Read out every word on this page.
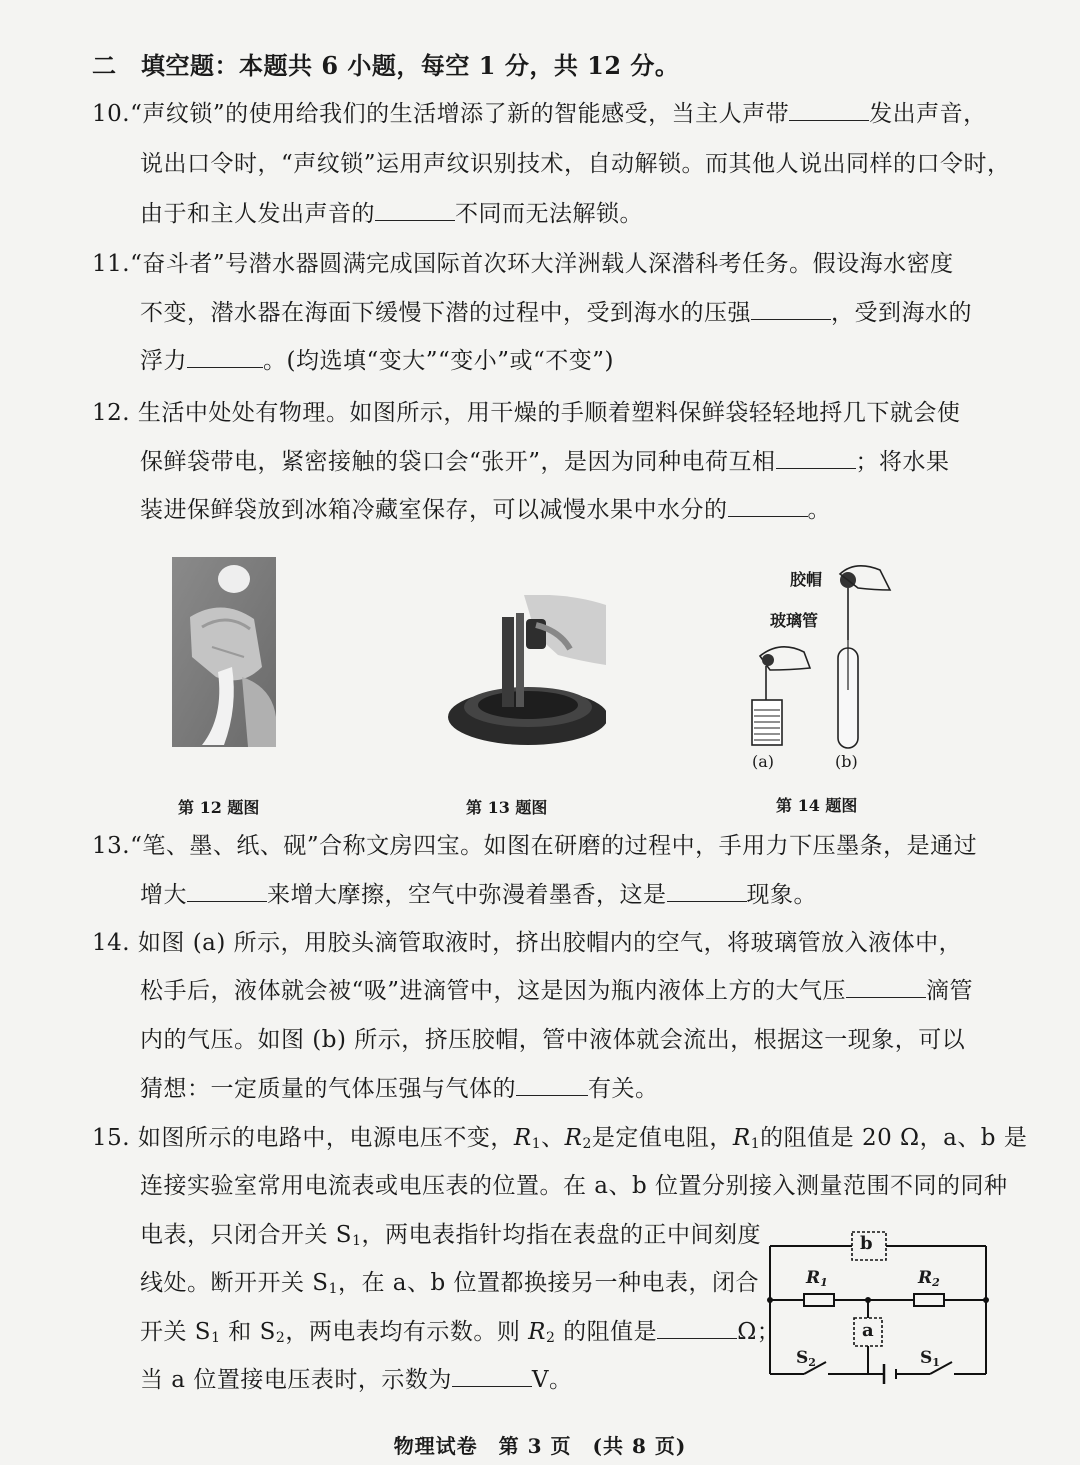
二　填空题：本题共 6 小题，每空 1 分，共 12 分。
10.“声纹锁”的使用给我们的生活增添了新的智能感受，当主人声带	发出声音，
说出口令时，“声纹锁”运用声纹识别技术，自动解锁。而其他人说出同样的口令时，
由于和主人发出声音的	不同而无法解锁。
11.“奋斗者”号潜水器圆满完成国际首次环大洋洲载人深潜科考任务。假设海水密度
不变，潜水器在海面下缓慢下潜的过程中，受到海水的压强	，受到海水的
浮力	。(均选填“变大”“变小”或“不变”)
12. 生活中处处有物理。如图所示，用干燥的手顺着塑料保鲜袋轻轻地捋几下就会使
保鲜袋带电，紧密接触的袋口会“张开”，是因为同种电荷互相	；将水果
装进保鲜袋放到冰箱冷藏室保存，可以减慢水果中水分的	。
胶帽
玻璃管
(a)	(b)
第 12 题图	第 13 题图	第 14 题图
13.“笔、墨、纸、砚”合称文房四宝。如图在研磨的过程中，手用力下压墨条，是通过
增大	来增大摩擦，空气中弥漫着墨香，这是	现象。
14. 如图 (a) 所示，用胶头滴管取液时，挤出胶帽内的空气，将玻璃管放入液体中，
松手后，液体就会被“吸”进滴管中，这是因为瓶内液体上方的大气压	滴管
内的气压。如图 (b) 所示，挤压胶帽，管中液体就会流出，根据这一现象，可以
猜想：一定质量的气体压强与气体的	有关。
15. 如图所示的电路中，电源电压不变，$R_1$、$R_2$是定值电阻，$R_1$的阻值是 20 Ω，a、b 是
连接实验室常用电流表或电压表的位置。在 a、b 位置分别接入测量范围不同的同种
电表，只闭合开关 $S_1$，两电表指针均指在表盘的正中间刻度
线处。断开开关 $S_1$，在 a、b 位置都换接另一种电表，闭合
开关 $S_1$ 和 $S_2$，两电表均有示数。则 $R_2$ 的阻值是	Ω；
当 a 位置接电压表时，示数为	V。
b
a
$R_1$	$R_2$
$S_2$	$S_1$
物理试卷　第 3 页　(共 8 页)
